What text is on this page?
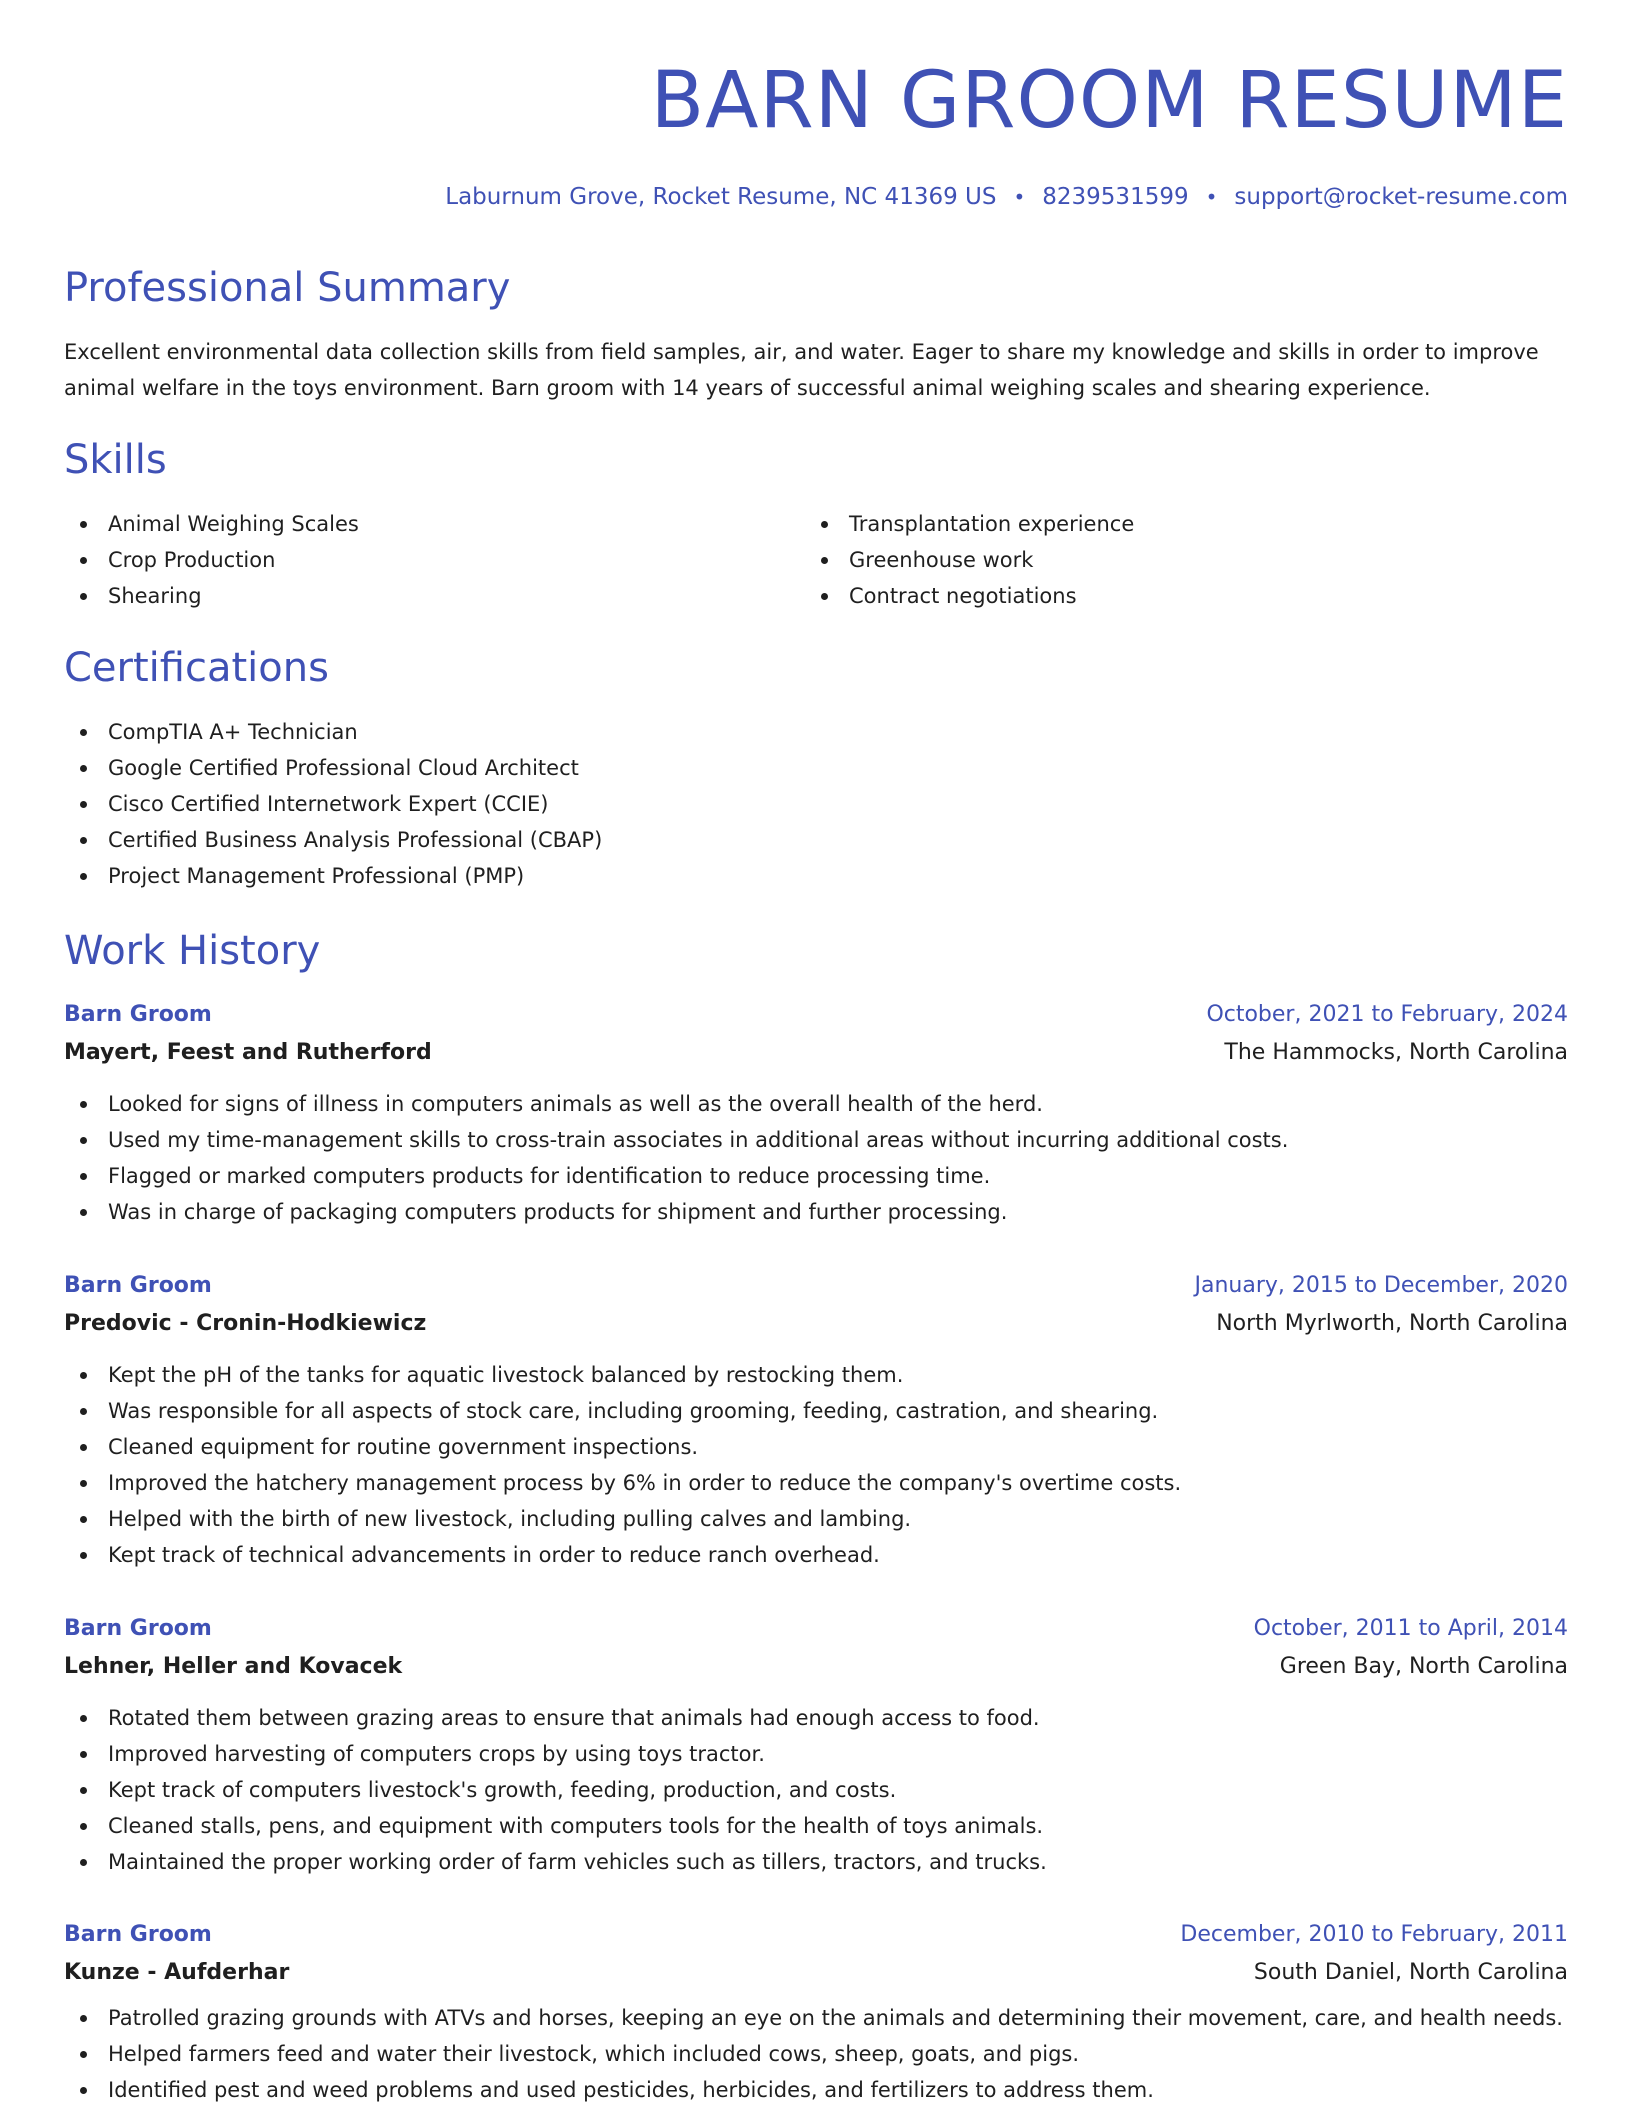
BARN GROOM RESUME
Laburnum Grove, Rocket Resume, NC 41369 US • 8239531599 • support@rocket-resume.com
Professional Summary
Excellent environmental data collection skills from field samples, air, and water. Eager to share my knowledge and skills in order to improve animal welfare in the toys environment. Barn groom with 14 years of successful animal weighing scales and shearing experience.
Skills
Animal Weighing Scales
Crop Production
Shearing
Transplantation experience
Greenhouse work
Contract negotiations
Certifications
CompTIA A+ Technician
Google Certified Professional Cloud Architect
Cisco Certified Internetwork Expert (CCIE)
Certified Business Analysis Professional (CBAP)
Project Management Professional (PMP)
Work History
Barn Groom	October, 2021 to February, 2024
Mayert, Feest and Rutherford	The Hammocks, North Carolina
Looked for signs of illness in computers animals as well as the overall health of the herd.
Used my time-management skills to cross-train associates in additional areas without incurring additional costs.
Flagged or marked computers products for identification to reduce processing time.
Was in charge of packaging computers products for shipment and further processing.
Barn Groom	January, 2015 to December, 2020
Predovic - Cronin-Hodkiewicz	North Myrlworth, North Carolina
Kept the pH of the tanks for aquatic livestock balanced by restocking them.
Was responsible for all aspects of stock care, including grooming, feeding, castration, and shearing.
Cleaned equipment for routine government inspections.
Improved the hatchery management process by 6% in order to reduce the company's overtime costs.
Helped with the birth of new livestock, including pulling calves and lambing.
Kept track of technical advancements in order to reduce ranch overhead.
Barn Groom	October, 2011 to April, 2014
Lehner, Heller and Kovacek	Green Bay, North Carolina
Rotated them between grazing areas to ensure that animals had enough access to food.
Improved harvesting of computers crops by using toys tractor.
Kept track of computers livestock's growth, feeding, production, and costs.
Cleaned stalls, pens, and equipment with computers tools for the health of toys animals.
Maintained the proper working order of farm vehicles such as tillers, tractors, and trucks.
Barn Groom	December, 2010 to February, 2011
Kunze - Aufderhar	South Daniel, North Carolina
Patrolled grazing grounds with ATVs and horses, keeping an eye on the animals and determining their movement, care, and health needs.
Helped farmers feed and water their livestock, which included cows, sheep, goats, and pigs.
Identified pest and weed problems and used pesticides, herbicides, and fertilizers to address them.
